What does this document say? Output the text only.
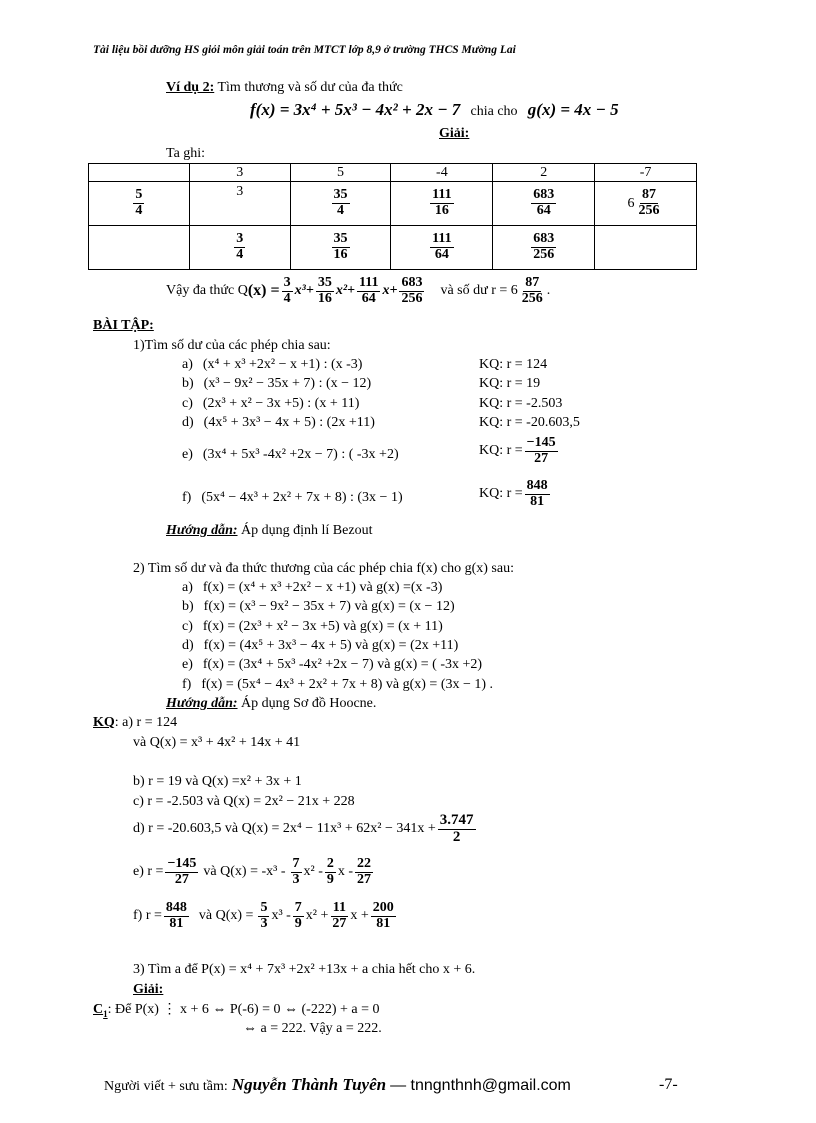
Tài liệu bồi dưỡng HS giỏi môn giải toán trên MTCT lớp 8,9 ở trường THCS Mường Lai
Ví dụ 2: Tìm thương và số dư của đa thức
f(x) = 3x⁴ + 5x³ − 4x² + 2x − 7 chia cho g(x) = 4x − 5
Giải:
Ta ghi:
	3	5	-4	2	-7

$\frac{5}{4}$	3	$\frac{35}{4}$	$\frac{111}{16}$	$\frac{683}{64}$	6
87
256

	$\frac{3}{4}$	$\frac{35}{16}$	$\frac{111}{64}$	$\frac{683}{256}$

Vậy đa thức Q $(x) = \frac{3}{4} x^3+ \frac{35}{16} x^2+ \frac{111}{64} x+ \frac{683}{256}$ và số dư r = 6
87
256 .
BÀI TẬP:
1)Tìm số dư của các phép chia sau:
a) (x⁴ + x³ +2x² − x +1) : (x -3)	KQ: r = 124
b) (x³ − 9x² − 35x + 7) : (x − 12)	KQ: r = 19
c) (2x³ + x² − 3x +5) : (x + 11)	KQ: r = -2.503
d) (4x⁵ + 3x³ − 4x + 5) : (2x +11)	KQ: r = -20.603,5
e) (3x⁴ + 5x³ -4x² +2x − 7) : ( -3x +2)	KQ: $r = \frac{-145}{27}$
f) (5x⁴ − 4x³ + 2x² + 7x + 8) : (3x − 1)	KQ: $r = \frac{848}{81}$
Hướng dẫn: Áp dụng định lí Bezout
2) Tìm số dư và đa thức thương của các phép chia f(x) cho g(x) sau:
a) f(x) = (x⁴ + x³ +2x² − x +1) và g(x) =(x -3)
b) f(x) = (x³ − 9x² − 35x + 7) và g(x) = (x − 12)
c) f(x) = (2x³ + x² − 3x +5) và g(x) = (x + 11)
d) f(x) = (4x⁵ + 3x³ − 4x + 5) và g(x) = (2x +11)
e) f(x) = (3x⁴ + 5x³ -4x² +2x − 7) và g(x) = ( -3x +2)
f) f(x) = (5x⁴ − 4x³ + 2x² + 7x + 8) và g(x) = (3x − 1) .
Hướng dẫn: Áp dụng Sơ đồ Hoocne.
KQ: a) r = 124
và Q(x) = x³ + 4x² + 14x + 41
b) r = 19 và Q(x) =x² + 3x + 1
c) r = -2.503 và Q(x) = 2x² − 21x + 228
d) r = -20.603,5 và $Q(x) = 2x^4 - 11x^3 + 62x^2 - 341x + \frac{3.747}{2}$
e) $r = \frac{-145}{27}$ và Q(x) = -x³ -
7
3 x² -
2
9 x -
22
27
f) $r = \frac{848}{81}$ và $Q(x) = \frac{5}{3} x^3$ -
7
9 $x^2 + \frac{11}{27}$ $x + \frac{200}{81}$
3) Tìm a để P(x) = x⁴ + 7x³ +2x² +13x + a chia hết cho x + 6.
Giải:
$C_1$: Để P(x) ⋮ x + 6 ⇔ P(-6) = 0 ⇔ (-222) + a = 0
⇔ a = 222. Vậy a = 222.
Người viết + sưu tầm: Nguyễn Thành Tuyên — tnngnthnh@gmail.com	-7-
